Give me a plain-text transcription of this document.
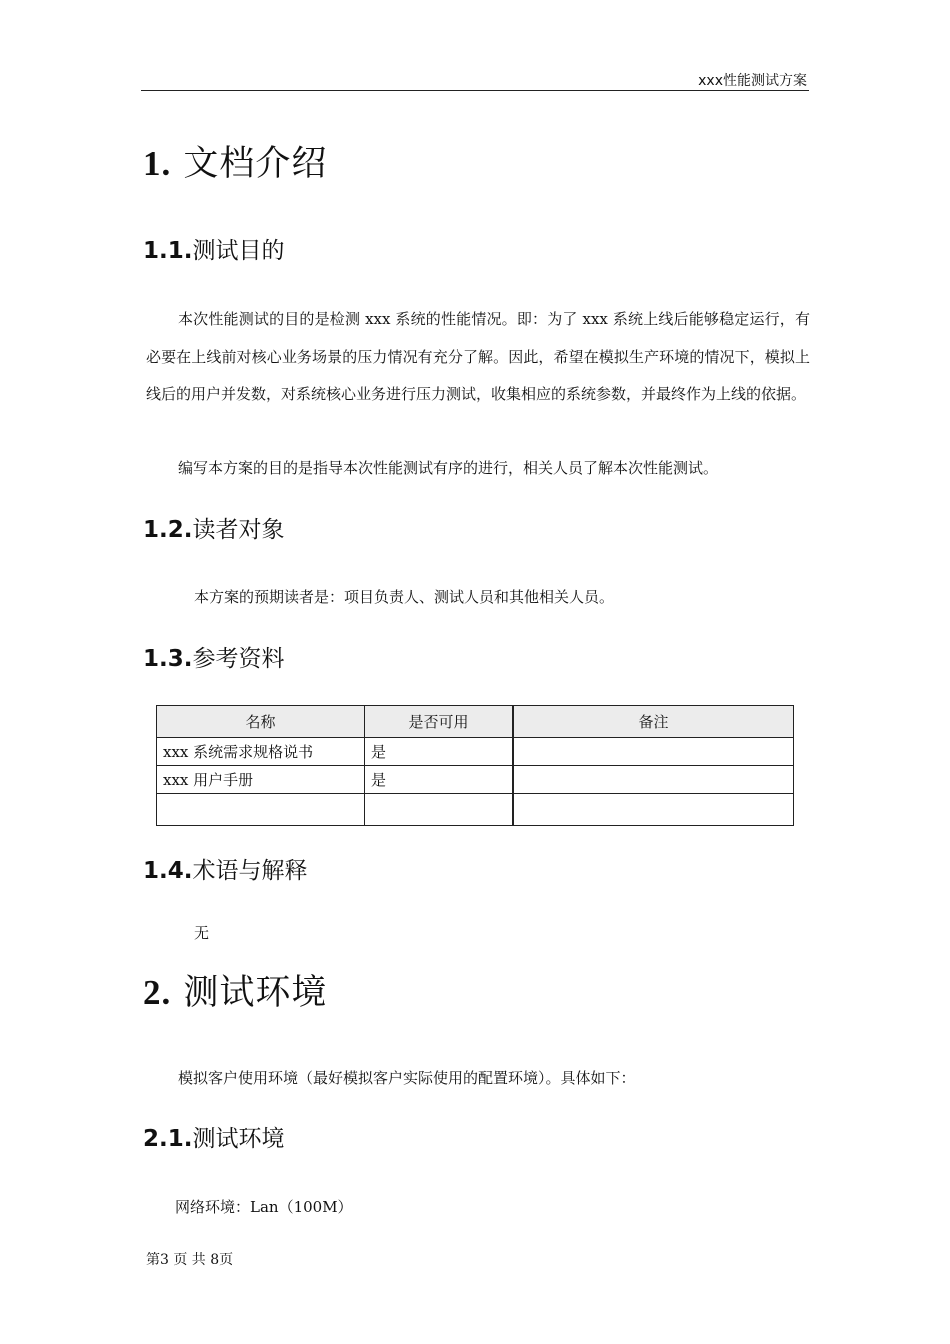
xxx性能测试方案
1. 文档介绍
1.1.测试目的

本次性能测试的目的是检测 xxx 系统的性能情况。即：为了 xxx 系统上线后能够稳定运行，有必要在上线前对核心业务场景的压力情况有充分了解。因此，希望在模拟生产环境的情况下，模拟上线后的用户并发数，对系统核心业务进行压力测试，收集相应的系统参数，并最终作为上线的依据。

编写本方案的目的是指导本次性能测试有序的进行，相关人员了解本次性能测试。

1.2.读者对象

本方案的预期读者是：项目负责人、测试人员和其他相关人员。

1.3.参考资料
名称	是否可用	备注
xxx 系统需求规格说书	是	
xxx 用户手册	是	

1.4.术语与解释

无

2. 测试环境

模拟客户使用环境（最好模拟客户实际使用的配置环境）。具体如下：

2.1.测试环境

网络环境：Lan（100M）

第3 页 共 8页
